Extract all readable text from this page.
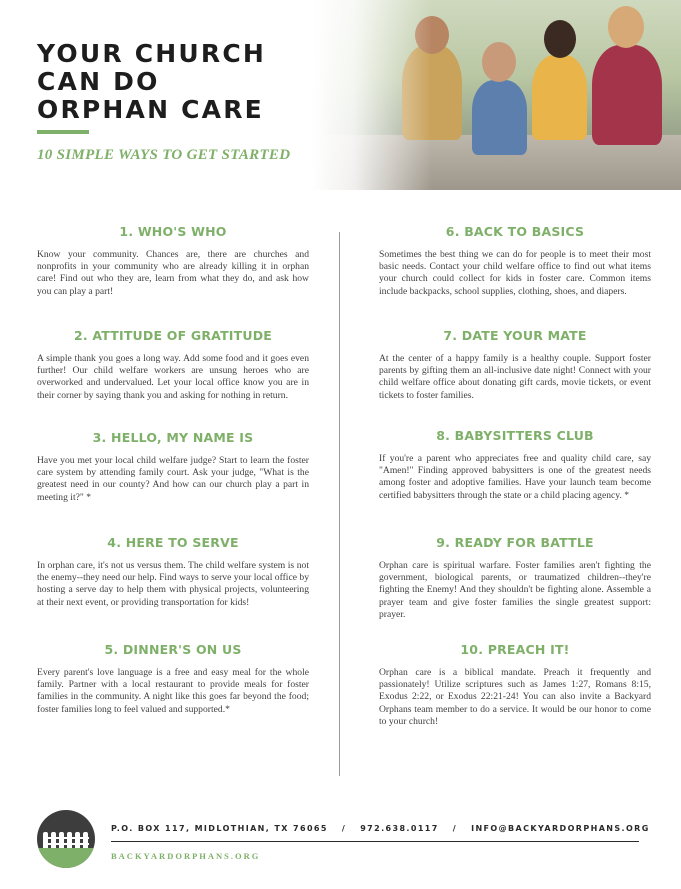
YOUR CHURCH
CAN DO
ORPHAN CARE
10 SIMPLE WAYS TO GET STARTED
1. WHO'S WHO

Know your community. Chances are, there are churches and nonprofits in your community who are already killing it in orphan care! Find out who they are, learn from what they do, and ask how you can play a part!

2. ATTITUDE OF GRATITUDE

A simple thank you goes a long way. Add some food and it goes even further! Our child welfare workers are unsung heroes who are overworked and undervalued. Let your local office know you are in their corner by saying thank you and asking for nothing in return.

3. HELLO, MY NAME IS

Have you met your local child welfare judge? Start to learn the foster care system by attending family court. Ask your judge, "What is the greatest need in our county? And how can our church play a part in meeting it?" *

4. HERE TO SERVE

In orphan care, it's not us versus them. The child welfare system is not the enemy--they need our help. Find ways to serve your local office by hosting a serve day to help them with physical projects, volunteering at their next event, or providing transportation for kids!

5. DINNER'S ON US

Every parent's love language is a free and easy meal for the whole family. Partner with a local restaurant to provide meals for foster families in the community. A night like this goes far beyond the food; foster families long to feel valued and supported.*

6. BACK TO BASICS

Sometimes the best thing we can do for people is to meet their most basic needs. Contact your child welfare office to find out what items your church could collect for kids in foster care. Common items include backpacks, school supplies, clothing, shoes, and diapers.

7. DATE YOUR MATE

At the center of a happy family is a healthy couple. Support foster parents by gifting them an all-inclusive date night! Connect with your child welfare office about donating gift cards, movie tickets, or event tickets to foster families.

8. BABYSITTERS CLUB

If you're a parent who appreciates free and quality child care, say "Amen!" Finding approved babysitters is one of the greatest needs among foster and adoptive families. Have your launch team become certified babysitters through the state or a child placing agency. *

9. READY FOR BATTLE

Orphan care is spiritual warfare. Foster families aren't fighting the government, biological parents, or traumatized children--they're fighting the Enemy! And they shouldn't be fighting alone. Assemble a prayer team and give foster families the single greatest support: prayer.

10. PREACH IT!

Orphan care is a biblical mandate. Preach it frequently and passionately! Utilize scriptures such as James 1:27, Romans 8:15, Exodus 2:22, or Exodus 22:21-24! You can also invite a Backyard Orphans team member to do a service. It would be our honor to come to your church!

P.O. BOX 117, MIDLOTHIAN, TX 76065 / 972.638.0117 / INFO@BACKYARDORPHANS.ORG
BACKYARDORPHANS.ORG
